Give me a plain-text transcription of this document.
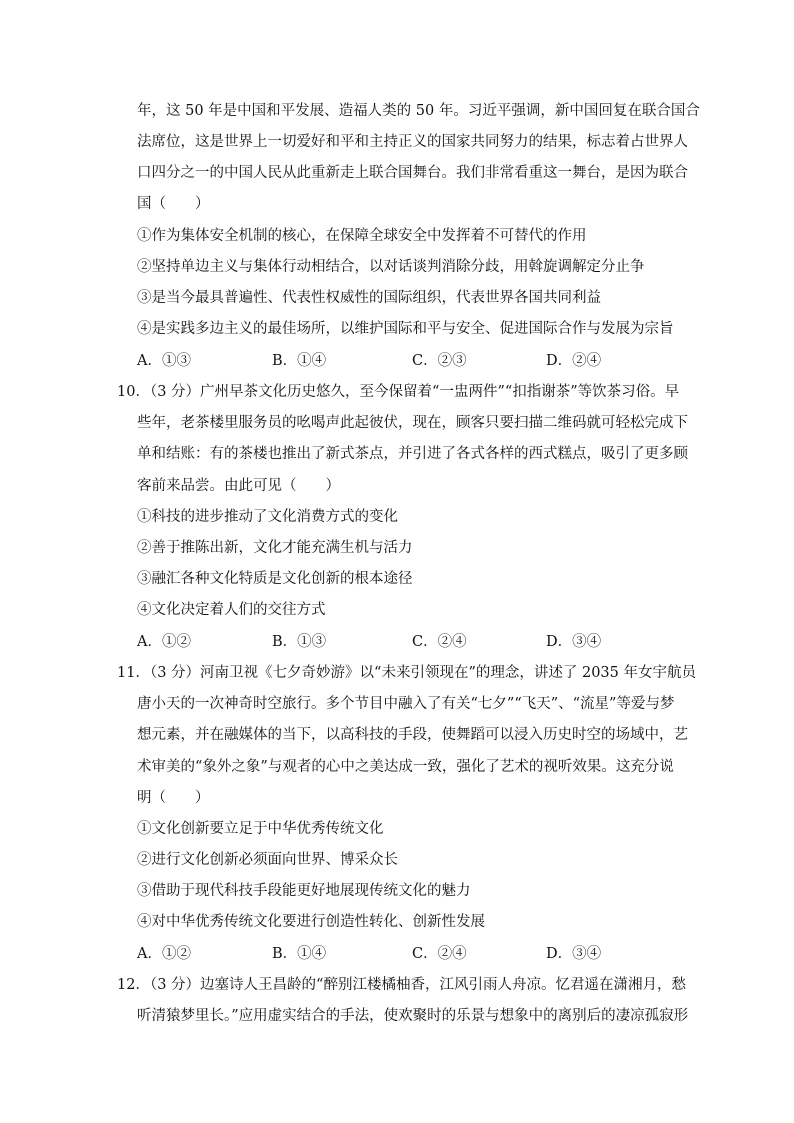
年，这 50 年是中国和平发展、造福人类的 50 年。习近平强调，新中国回复在联合国合
法席位，这是世界上一切爱好和平和主持正义的国家共同努力的结果，标志着占世界人
口四分之一的中国人民从此重新走上联合国舞台。我们非常看重这一舞台，是因为联合
国（　　）
①作为集体安全机制的核心，在保障全球安全中发挥着不可替代的作用
②坚持单边主义与集体行动相结合，以对话谈判消除分歧，用斡旋调解定分止争
③是当今最具普遍性、代表性权威性的国际组织，代表世界各国共同利益
④是实践多边主义的最佳场所，以维护国际和平与安全、促进国际合作与发展为宗旨
A．①③	B．①④	C．②③	D．②④
10．（3 分）广州早茶文化历史悠久，至今保留着“一盅两件”“扣指谢茶”等饮茶习俗。早
些年，老茶楼里服务员的吆喝声此起彼伏，现在，顾客只要扫描二维码就可轻松完成下
单和结账：有的茶楼也推出了新式茶点，并引进了各式各样的西式糕点，吸引了更多顾
客前来品尝。由此可见（　　）
①科技的进步推动了文化消费方式的变化
②善于推陈出新，文化才能充满生机与活力
③融汇各种文化特质是文化创新的根本途径
④文化决定着人们的交往方式
A．①②	B．①③	C．②④	D．③④
11．（3 分）河南卫视《七夕奇妙游》以“未来引领现在”的理念，讲述了 2035 年女宇航员
唐小天的一次神奇时空旅行。多个节目中融入了有关“七夕”“飞天”、“流星”等爱与梦
想元素，并在融媒体的当下，以高科技的手段，使舞蹈可以浸入历史时空的场域中，艺
术审美的“象外之象”与观者的心中之美达成一致，强化了艺术的视听效果。这充分说
明（　　）
①文化创新要立足于中华优秀传统文化
②进行文化创新必须面向世界、博采众长
③借助于现代科技手段能更好地展现传统文化的魅力
④对中华优秀传统文化要进行创造性转化、创新性发展
A．①②	B．①④	C．②④	D．③④
12．（3 分）边塞诗人王昌龄的“醉别江楼橘柚香，江风引雨人舟凉。忆君遥在潇湘月，愁
听清猿梦里长。”应用虚实结合的手法，使欢聚时的乐景与想象中的离别后的凄凉孤寂形
